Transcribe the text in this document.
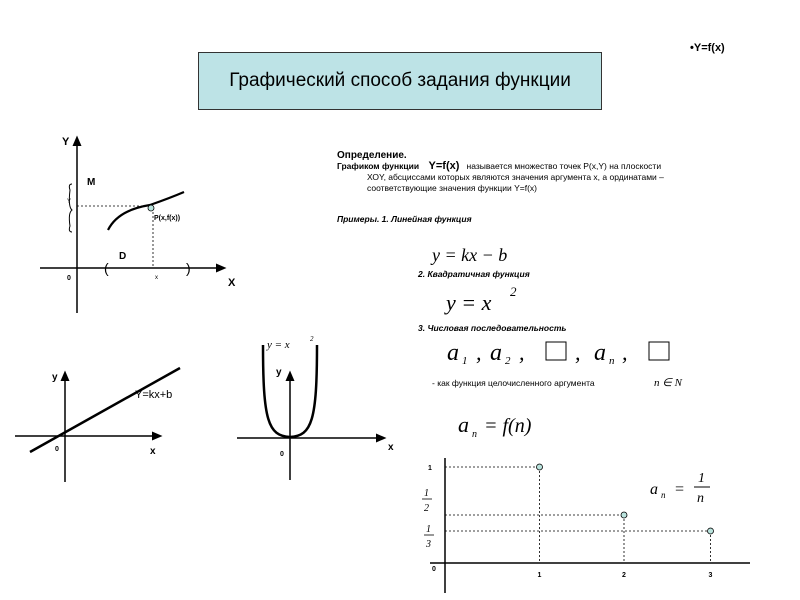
•Y=f(x)
Графический способ задания функции
Определение.
Графиком функции Y=f(x) называется множество точек Р(х,Y) на плоскости
ХОY, абсциссами которых являются значения аргумента х, а ординатами –
соответствующие значения функции Y=f(x)
Примеры. 1. Линейная функция
2. Квадратичная функция
3. Числовая последовательность
- как функция целочисленного аргумента
Y
X
0
M
D
Y
x
(	)
P(x,f(x))
y
x
0
Y=kx+b
y
x
0
y = x	2
y = kx − b
y = x 2
a 1 , a 2 , , a n ,
n ∈ N
a n = f(n)
a n =
1
n
0
1
1
2
1
3
1	2	3
